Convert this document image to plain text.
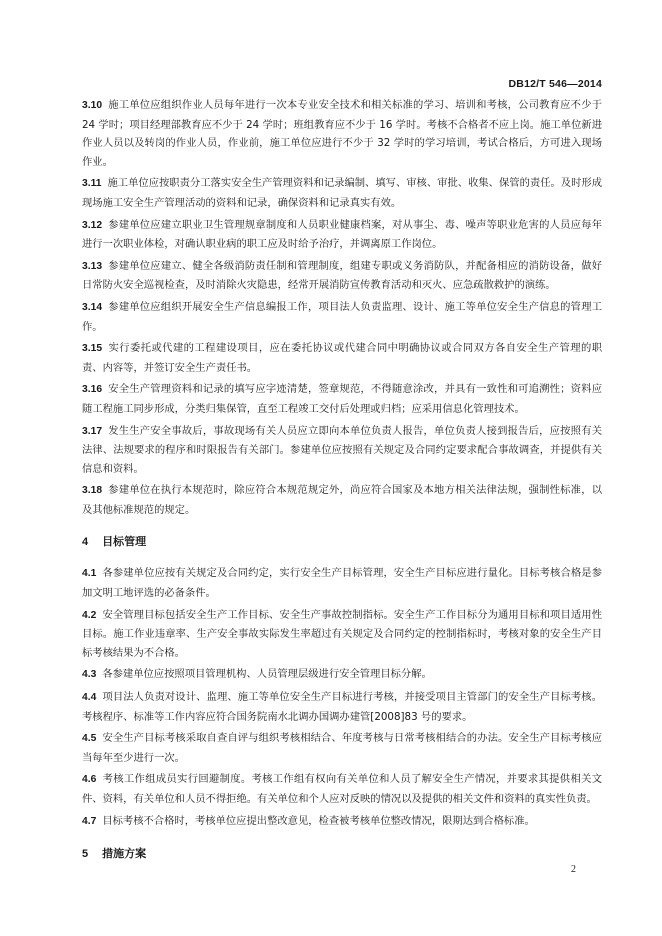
DB12/T 546—2014

3.10 施工单位应组织作业人员每年进行一次本专业安全技术和相关标准的学习、培训和考核，公司教育应不少于 24 学时；项目经理部教育应不少于 24 学时；班组教育应不少于 16 学时。考核不合格者不应上岗。施工单位新进作业人员以及转岗的作业人员，作业前，施工单位应进行不少于 32 学时的学习培训，考试合格后，方可进入现场作业。

3.11 施工单位应按职责分工落实安全生产管理资料和记录编制、填写、审核、审批、收集、保管的责任。及时形成现场施工安全生产管理活动的资料和记录，确保资料和记录真实有效。

3.12 参建单位应建立职业卫生管理规章制度和人员职业健康档案，对从事尘、毒、噪声等职业危害的人员应每年进行一次职业体检，对确认职业病的职工应及时给予治疗，并调离原工作岗位。

3.13 参建单位应建立、健全各级消防责任制和管理制度，组建专职或义务消防队，并配备相应的消防设备，做好日常防火安全巡视检查，及时消除火灾隐患，经常开展消防宣传教育活动和灭火、应急疏散救护的演练。

3.14 参建单位应组织开展安全生产信息编报工作，项目法人负责监理、设计、施工等单位安全生产信息的管理工作。

3.15 实行委托或代建的工程建设项目，应在委托协议或代建合同中明确协议或合同双方各自安全生产管理的职责、内容等，并签订安全生产责任书。

3.16 安全生产管理资料和记录的填写应字迹清楚，签章规范，不得随意涂改，并具有一致性和可追溯性；资料应随工程施工同步形成，分类归集保管，直至工程竣工交付后处理或归档；应采用信息化管理技术。

3.17 发生生产安全事故后，事故现场有关人员应立即向本单位负责人报告，单位负责人接到报告后，应按照有关法律、法规要求的程序和时限报告有关部门。参建单位应按照有关规定及合同约定要求配合事故调查，并提供有关信息和资料。

3.18 参建单位在执行本规范时，除应符合本规范规定外，尚应符合国家及本地方相关法律法规，强制性标准，以及其他标准规范的规定。

4 目标管理

4.1 各参建单位应按有关规定及合同约定，实行安全生产目标管理，安全生产目标应进行量化。目标考核合格是参加文明工地评选的必备条件。

4.2 安全管理目标包括安全生产工作目标、安全生产事故控制指标。安全生产工作目标分为通用目标和项目适用性目标。施工作业违章率、生产安全事故实际发生率超过有关规定及合同约定的控制指标时，考核对象的安全生产目标考核结果为不合格。

4.3 各参建单位应按照项目管理机构、人员管理层级进行安全管理目标分解。

4.4 项目法人负责对设计、监理、施工等单位安全生产目标进行考核，并接受项目主管部门的安全生产目标考核。考核程序、标准等工作内容应符合国务院南水北调办国调办建管[2008]83 号的要求。

4.5 安全生产目标考核采取自查自评与组织考核相结合、年度考核与日常考核相结合的办法。安全生产目标考核应当每年至少进行一次。

4.6 考核工作组成员实行回避制度。考核工作组有权向有关单位和人员了解安全生产情况，并要求其提供相关文件、资料，有关单位和人员不得拒绝。有关单位和个人应对反映的情况以及提供的相关文件和资料的真实性负责。

4.7 目标考核不合格时，考核单位应提出整改意见，检查被考核单位整改情况，限期达到合格标准。

5 措施方案
2
